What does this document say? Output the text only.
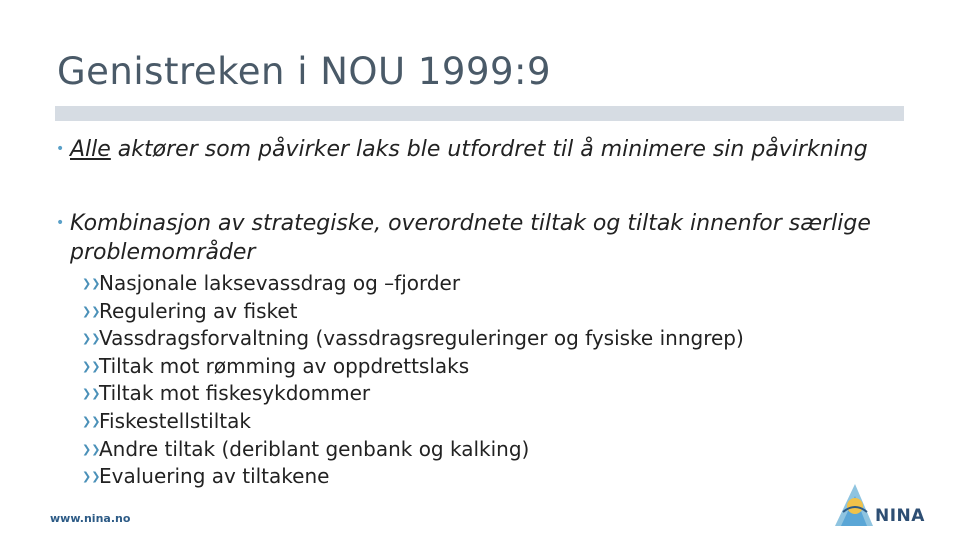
Genistreken i NOU 1999:9
• Alle aktører som påvirker laks ble utfordret til å minimere sin påvirkning
• Kombinasjon av strategiske, overordnete tiltak og tiltak innenfor særlige problemområder
❯❯
Nasjonale laksevassdrag og –fjorder
❯❯
Regulering av fisket
❯❯
Vassdragsforvaltning (vassdragsreguleringer og fysiske inngrep)
❯❯
Tiltak mot rømming av oppdrettslaks
❯❯
Tiltak mot fiskesykdommer
❯❯
Fiskestellstiltak
❯❯
Andre tiltak (deriblant genbank og kalking)
❯❯
Evaluering av tiltakene
www.nina.no	NINA
